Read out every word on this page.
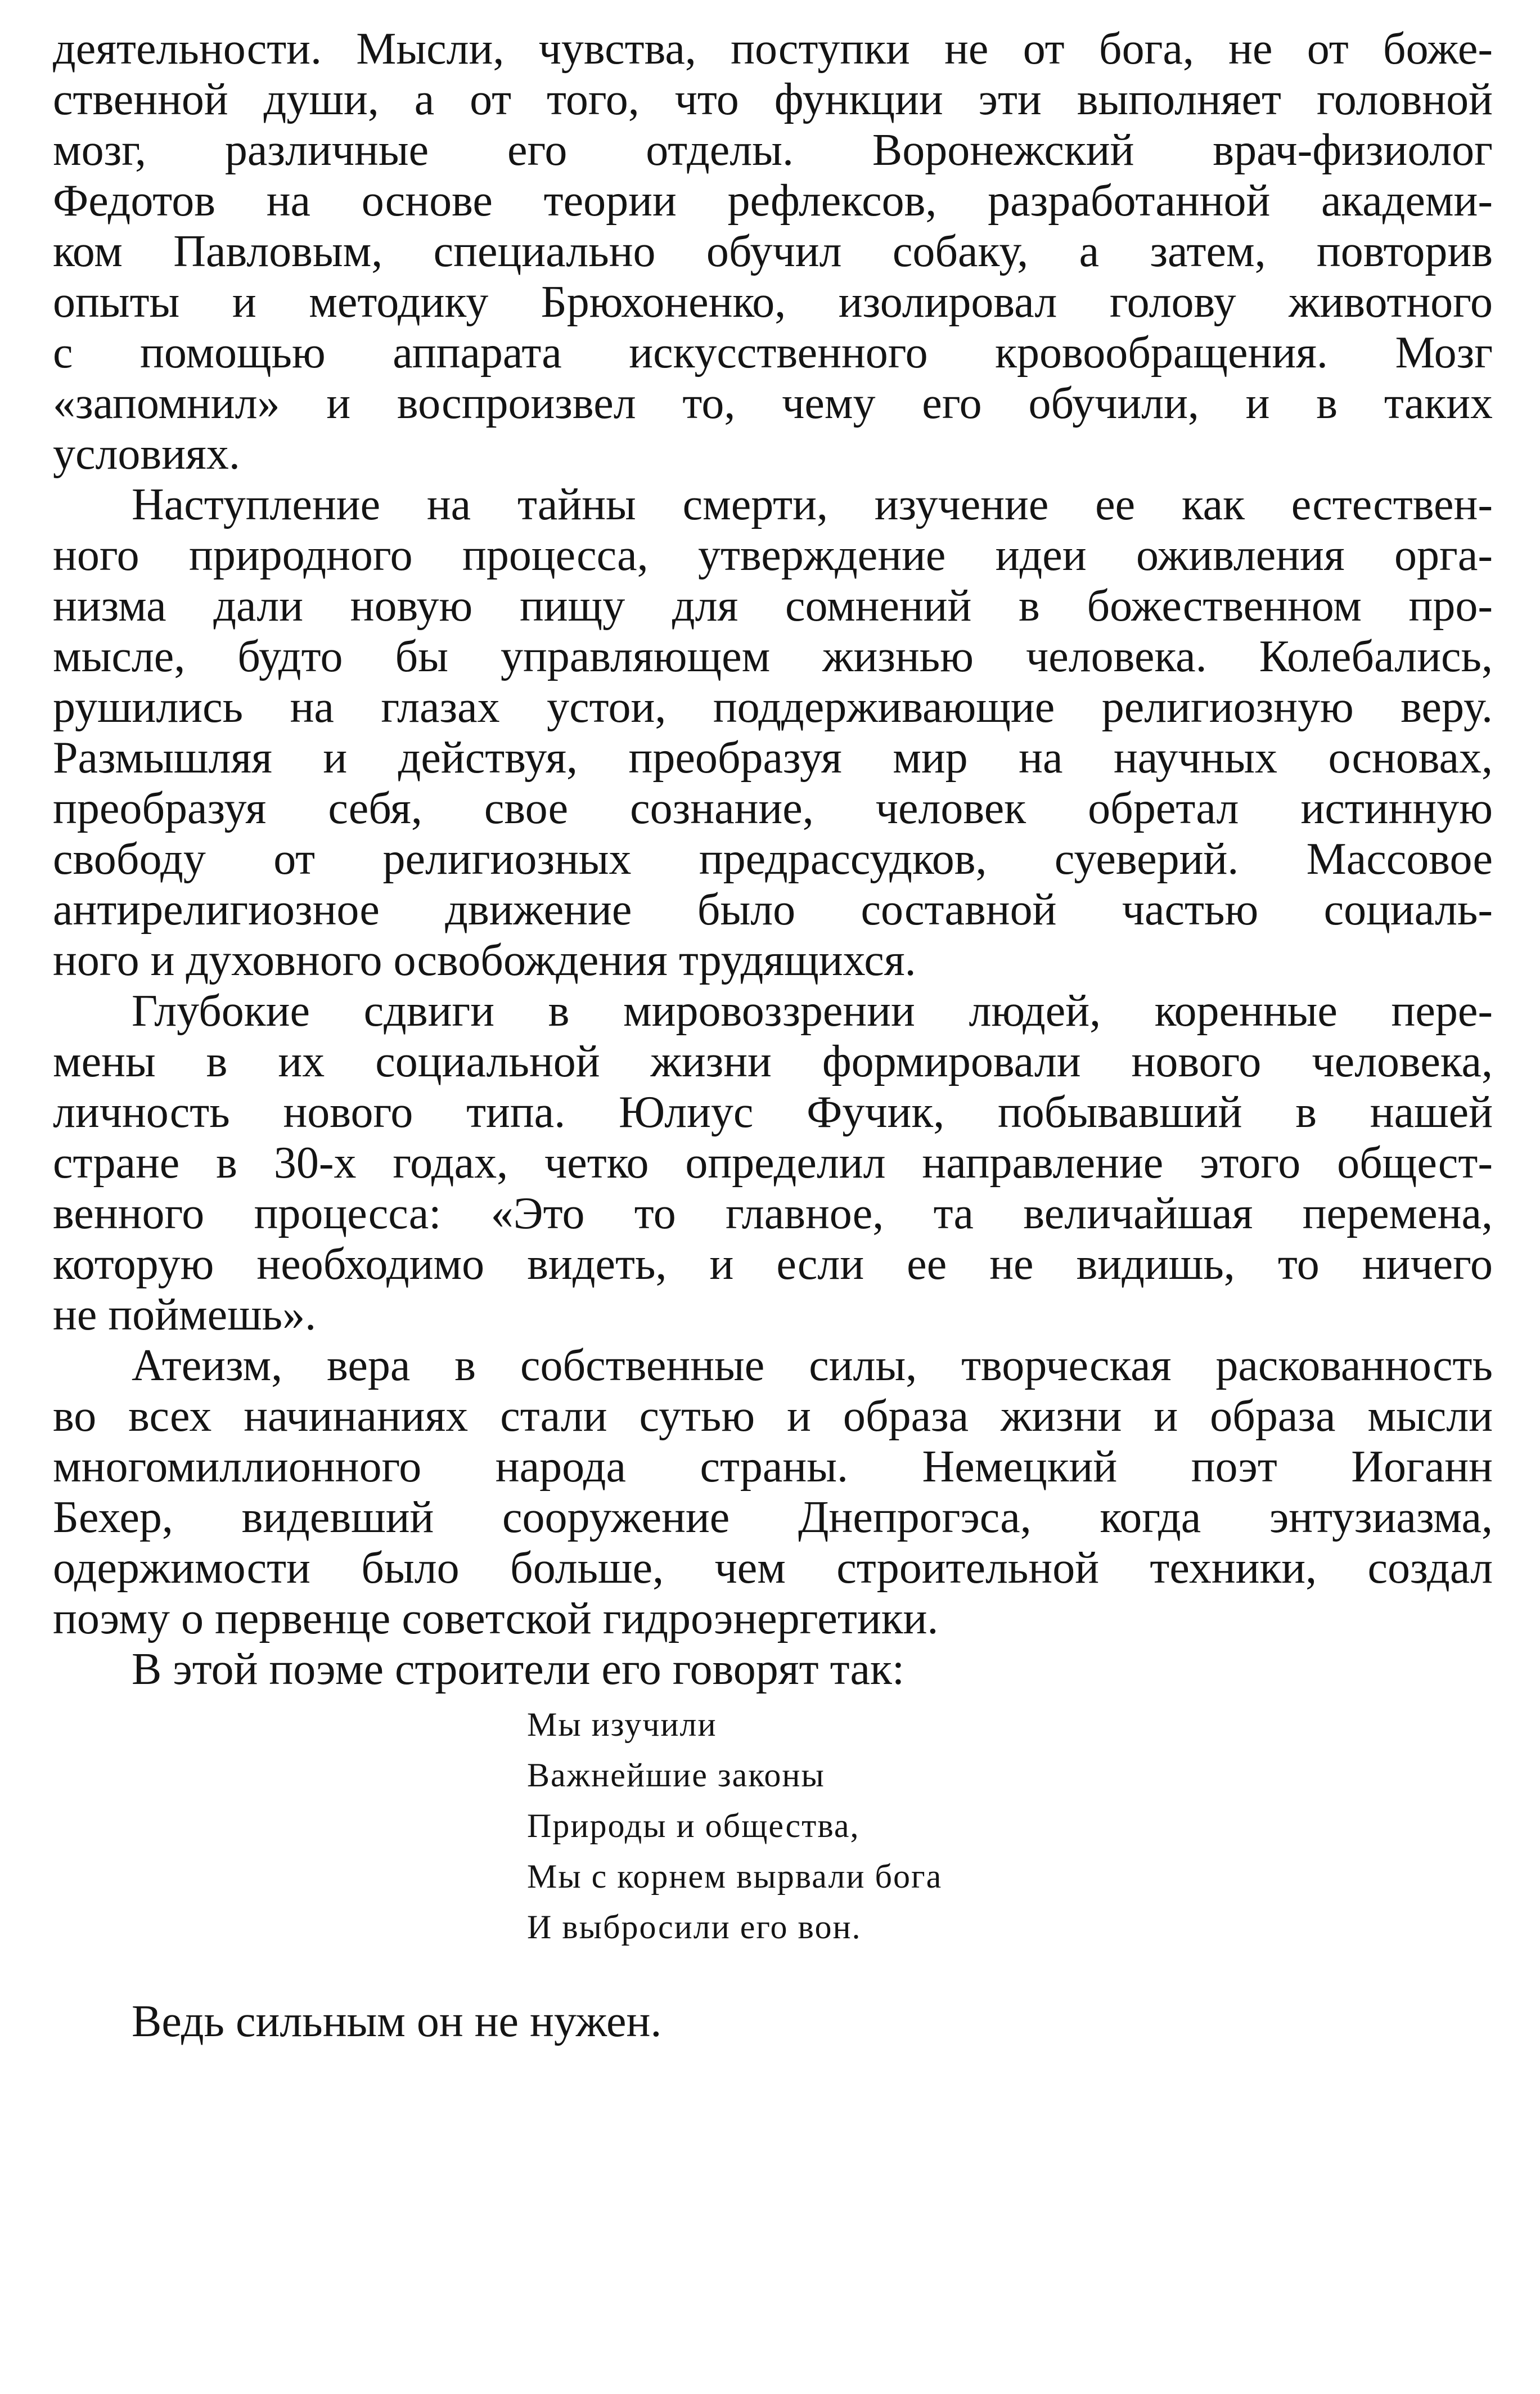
деятельности. Мысли, чувства, поступки не от бога, не от боже-
ственной души, а от того, что функции эти выполняет головной
мозг, различные его отделы. Воронежский врач-физиолог
Федотов на основе теории рефлексов, разработанной академи-
ком Павловым, специально обучил собаку, а затем, повторив
опыты и методику Брюхоненко, изолировал голову животного
с помощью аппарата искусственного кровообращения. Мозг
«запомнил» и воспроизвел то, чему его обучили, и в таких
условиях.
Наступление на тайны смерти, изучение ее как естествен-
ного природного процесса, утверждение идеи оживления орга-
низма дали новую пищу для сомнений в божественном про-
мысле, будто бы управляющем жизнью человека. Колебались,
рушились на глазах устои, поддерживающие религиозную веру.
Размышляя и действуя, преобразуя мир на научных основах,
преобразуя себя, свое сознание, человек обретал истинную
свободу от религиозных предрассудков, суеверий. Массовое
антирелигиозное движение было составной частью социаль-
ного и духовного освобождения трудящихся.
Глубокие сдвиги в мировоззрении людей, коренные пере-
мены в их социальной жизни формировали нового человека,
личность нового типа. Юлиус Фучик, побывавший в нашей
стране в 30-х годах, четко определил направление этого общест-
венного процесса: «Это то главное, та величайшая перемена,
которую необходимо видеть, и если ее не видишь, то ничего
не поймешь».
Атеизм, вера в собственные силы, творческая раскованность
во всех начинаниях стали сутью и образа жизни и образа мысли
многомиллионного народа страны. Немецкий поэт Иоганн
Бехер, видевший сооружение Днепрогэса, когда энтузиазма,
одержимости было больше, чем строительной техники, создал
поэму о первенце советской гидроэнергетики.
В этой поэме строители его говорят так:
Мы изучили
Важнейшие законы
Природы и общества,
Мы с корнем вырвали бога
И выбросили его вон.
Ведь сильным он не нужен.
